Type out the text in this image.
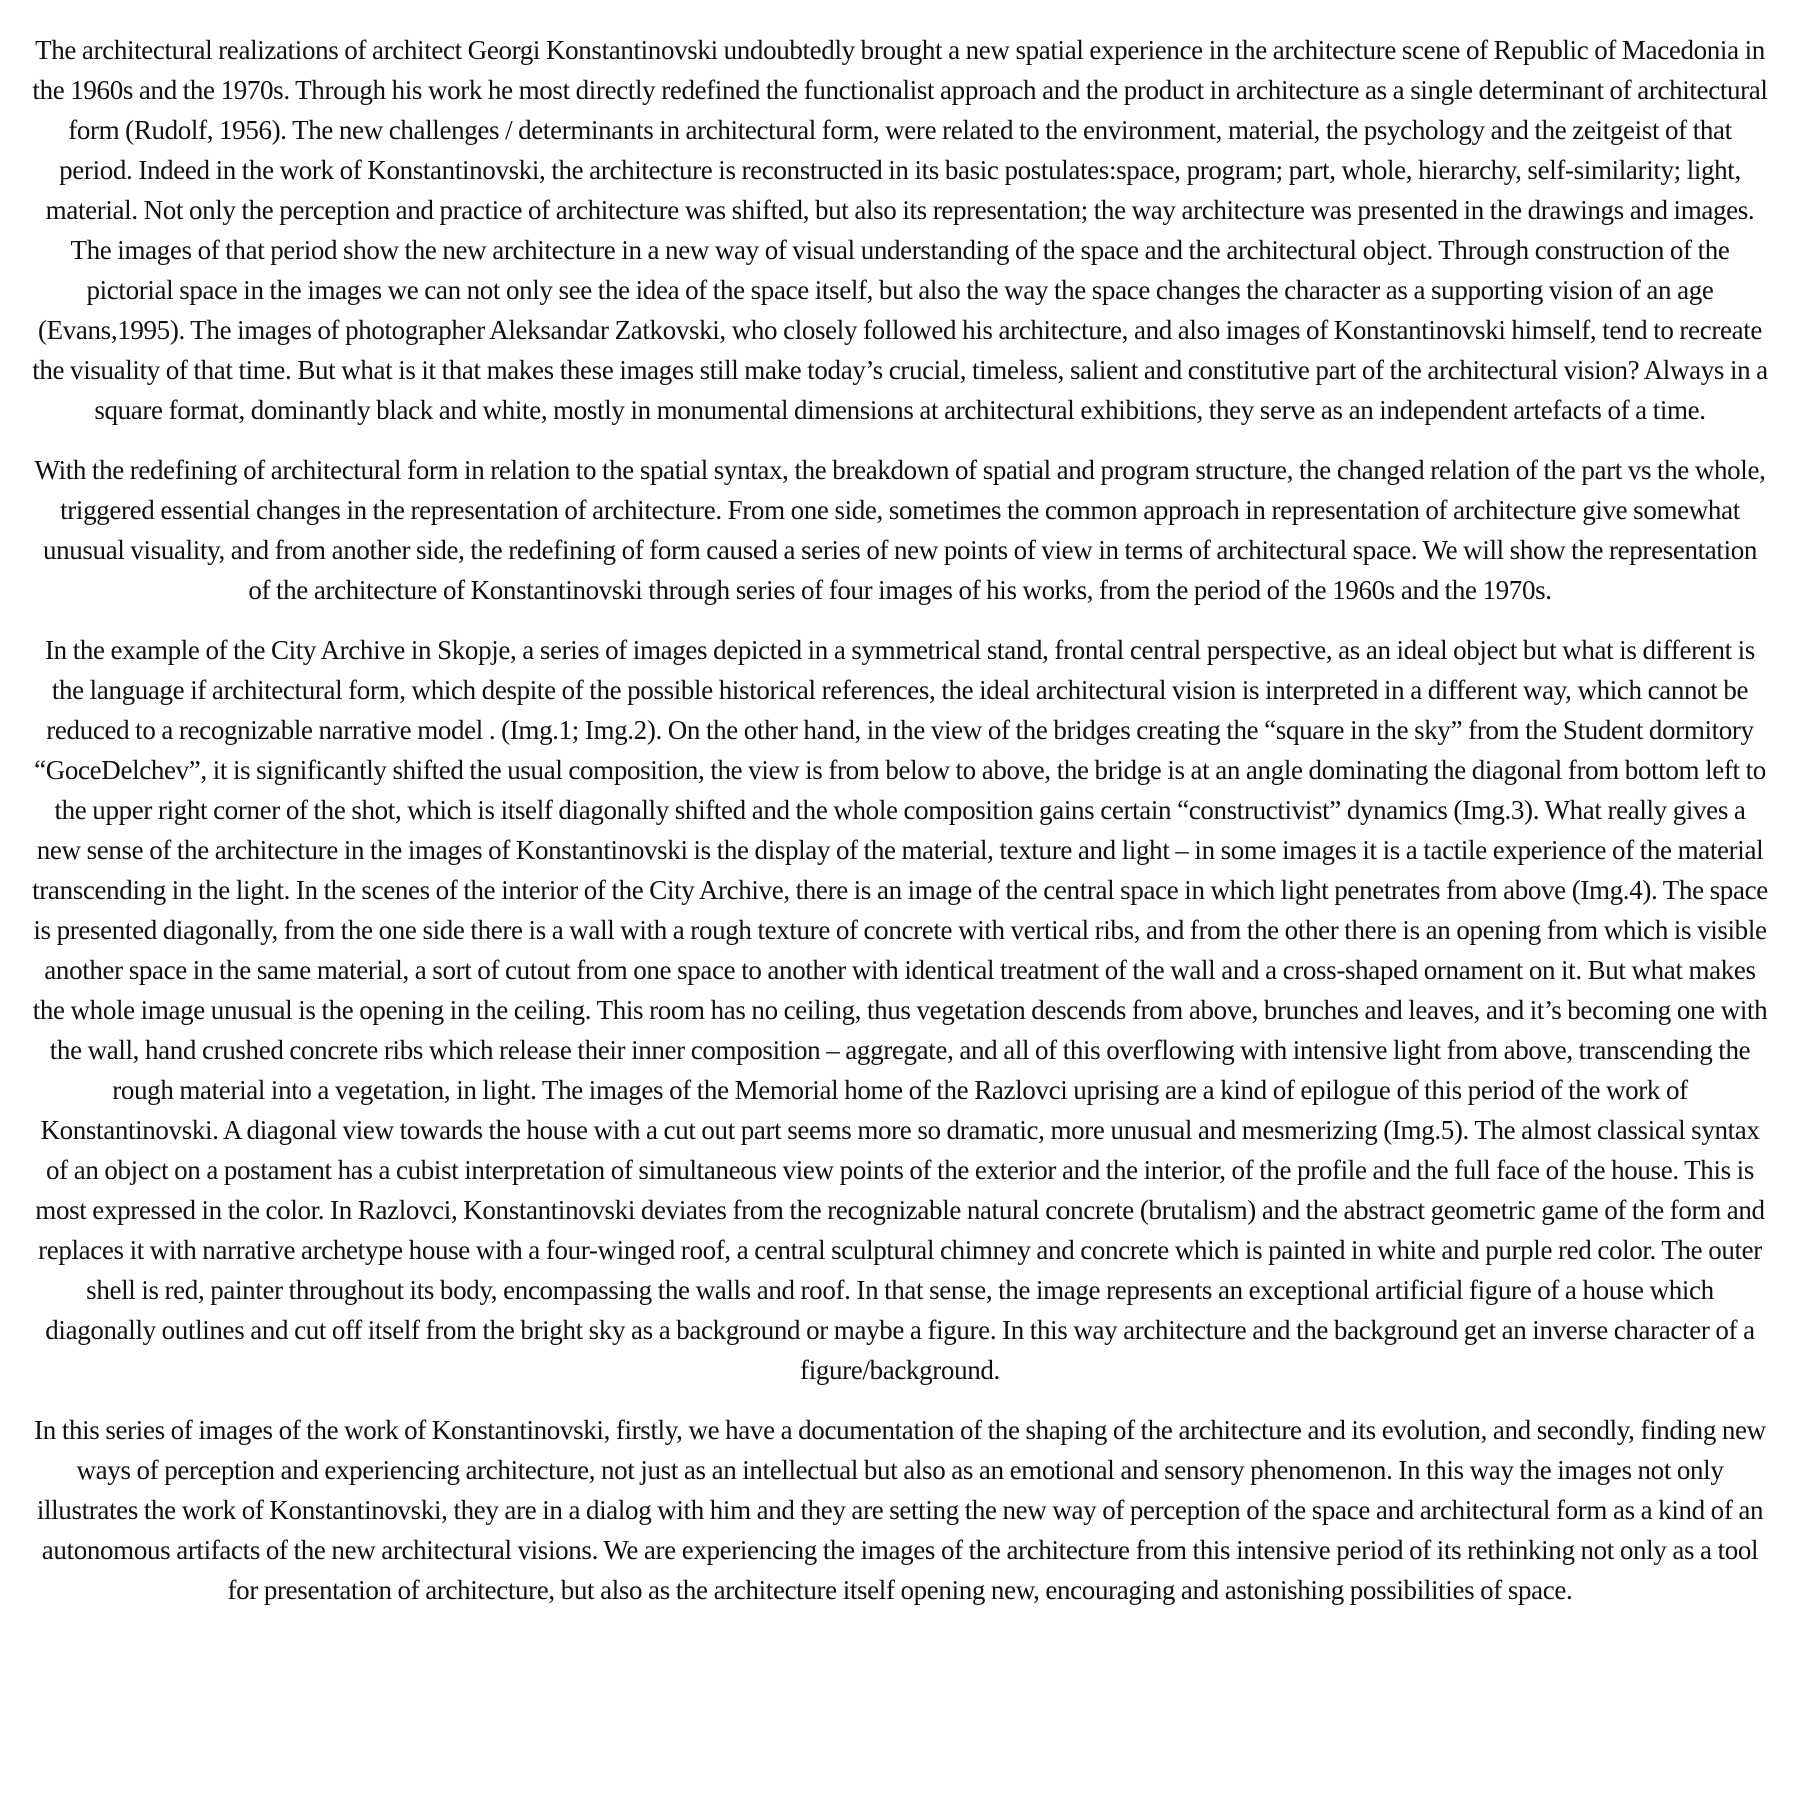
The architectural realizations of architect Georgi Konstantinovski undoubtedly brought a new spatial experience in the architecture scene of Republic of Macedonia in the 1960s and the 1970s. Through his work he most directly redefined the functionalist approach and the product in architecture as a single determinant of architectural form (Rudolf, 1956). The new challenges / determinants in architectural form, were related to the environment, material, the psychology and the zeitgeist of that period. Indeed in the work of Konstantinovski, the architecture is reconstructed in its basic postulates:space, program; part, whole, hierarchy, self-similarity; light, material. Not only the perception and practice of architecture was shifted, but also its representation; the way architecture was presented in the drawings and images. The images of that period show the new architecture in a new way of visual understanding of the space and the architectural object. Through construction of the pictorial space in the images we can not only see the idea of the space itself, but also the way the space changes the character as a supporting vision of an age (Evans,1995). The images of photographer Aleksandar Zatkovski, who closely followed his architecture, and also images of Konstantinovski himself, tend to recreate the visuality of that time. But what is it that makes these images still make today’s crucial, timeless, salient and constitutive part of the architectural vision? Always in a square format, dominantly black and white, mostly in monumental dimensions at architectural exhibitions, they serve as an independent artefacts of a time.

With the redefining of architectural form in relation to the spatial syntax, the breakdown of spatial and program structure, the changed relation of the part vs the whole, triggered essential changes in the representation of architecture. From one side, sometimes the common approach in representation of architecture give somewhat unusual visuality, and from another side, the redefining of form caused a series of new points of view in terms of architectural space. We will show the representation of the architecture of Konstantinovski through series of four images of his works, from the period of the 1960s and the 1970s.

In the example of the City Archive in Skopje, a series of images depicted in a symmetrical stand, frontal central perspective, as an ideal object but what is different is the language if architectural form, which despite of the possible historical references, the ideal architectural vision is interpreted in a different way, which cannot be reduced to a recognizable narrative model . (Img.1; Img.2). On the other hand, in the view of the bridges creating the “square in the sky” from the Student dormitory “GoceDelchev”, it is significantly shifted the usual composition, the view is from below to above, the bridge is at an angle dominating the diagonal from bottom left to the upper right corner of the shot, which is itself diagonally shifted and the whole composition gains certain “constructivist” dynamics (Img.3). What really gives a new sense of the architecture in the images of Konstantinovski is the display of the material, texture and light – in some images it is a tactile experience of the material transcending in the light. In the scenes of the interior of the City Archive, there is an image of the central space in which light penetrates from above (Img.4). The space is presented diagonally, from the one side there is a wall with a rough texture of concrete with vertical ribs, and from the other there is an opening from which is visible another space in the same material, a sort of cutout from one space to another with identical treatment of the wall and a cross-shaped ornament on it. But what makes the whole image unusual is the opening in the ceiling. This room has no ceiling, thus vegetation descends from above, brunches and leaves, and it’s becoming one with the wall, hand crushed concrete ribs which release their inner composition – aggregate, and all of this overflowing with intensive light from above, transcending the rough material into a vegetation, in light. The images of the Memorial home of the Razlovci uprising are a kind of epilogue of this period of the work of Konstantinovski. A diagonal view towards the house with a cut out part seems more so dramatic, more unusual and mesmerizing (Img.5). The almost classical syntax of an object on a postament has a cubist interpretation of simultaneous view points of the exterior and the interior, of the profile and the full face of the house. This is most expressed in the color. In Razlovci, Konstantinovski deviates from the recognizable natural concrete (brutalism) and the abstract geometric game of the form and replaces it with narrative archetype house with a four-winged roof, a central sculptural chimney and concrete which is painted in white and purple red color. The outer shell is red, painter throughout its body, encompassing the walls and roof. In that sense, the image represents an exceptional artificial figure of a house which diagonally outlines and cut off itself from the bright sky as a background or maybe a figure. In this way architecture and the background get an inverse character of a figure/background.

In this series of images of the work of Konstantinovski, firstly, we have a documentation of the shaping of the architecture and its evolution, and secondly, finding new ways of perception and experiencing architecture, not just as an intellectual but also as an emotional and sensory phenomenon. In this way the images not only illustrates the work of Konstantinovski, they are in a dialog with him and they are setting the new way of perception of the space and architectural form as a kind of an autonomous artifacts of the new architectural visions. We are experiencing the images of the architecture from this intensive period of its rethinking not only as a tool for presentation of architecture, but also as the architecture itself opening new, encouraging and astonishing possibilities of space.
